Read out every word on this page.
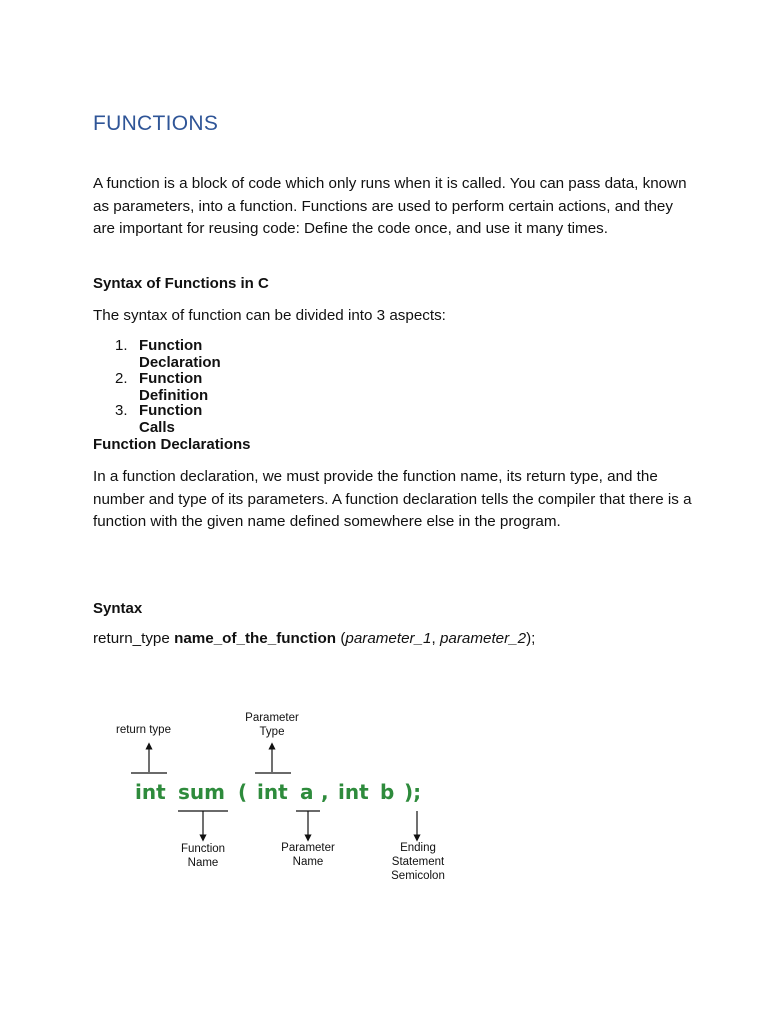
FUNCTIONS

A function is a block of code which only runs when it is called. You can pass data, known as parameters, into a function. Functions are used to perform certain actions, and they are important for reusing code: Define the code once, and use it many times.

Syntax of Functions in C

The syntax of function can be divided into 3 aspects:

1. Function Declaration
2. Function Definition
3. Function Calls

Function Declarations

In a function declaration, we must provide the function name, its return type, and the number and type of its parameters. A function declaration tells the compiler that there is a function with the given name defined somewhere else in the program.

Syntax

return_type name_of_the_function (parameter_1, parameter_2);
return type
Parameter
Type
int sum ( int a , int b );
Function
Name
Parameter
Name
Ending
Statement
Semicolon
